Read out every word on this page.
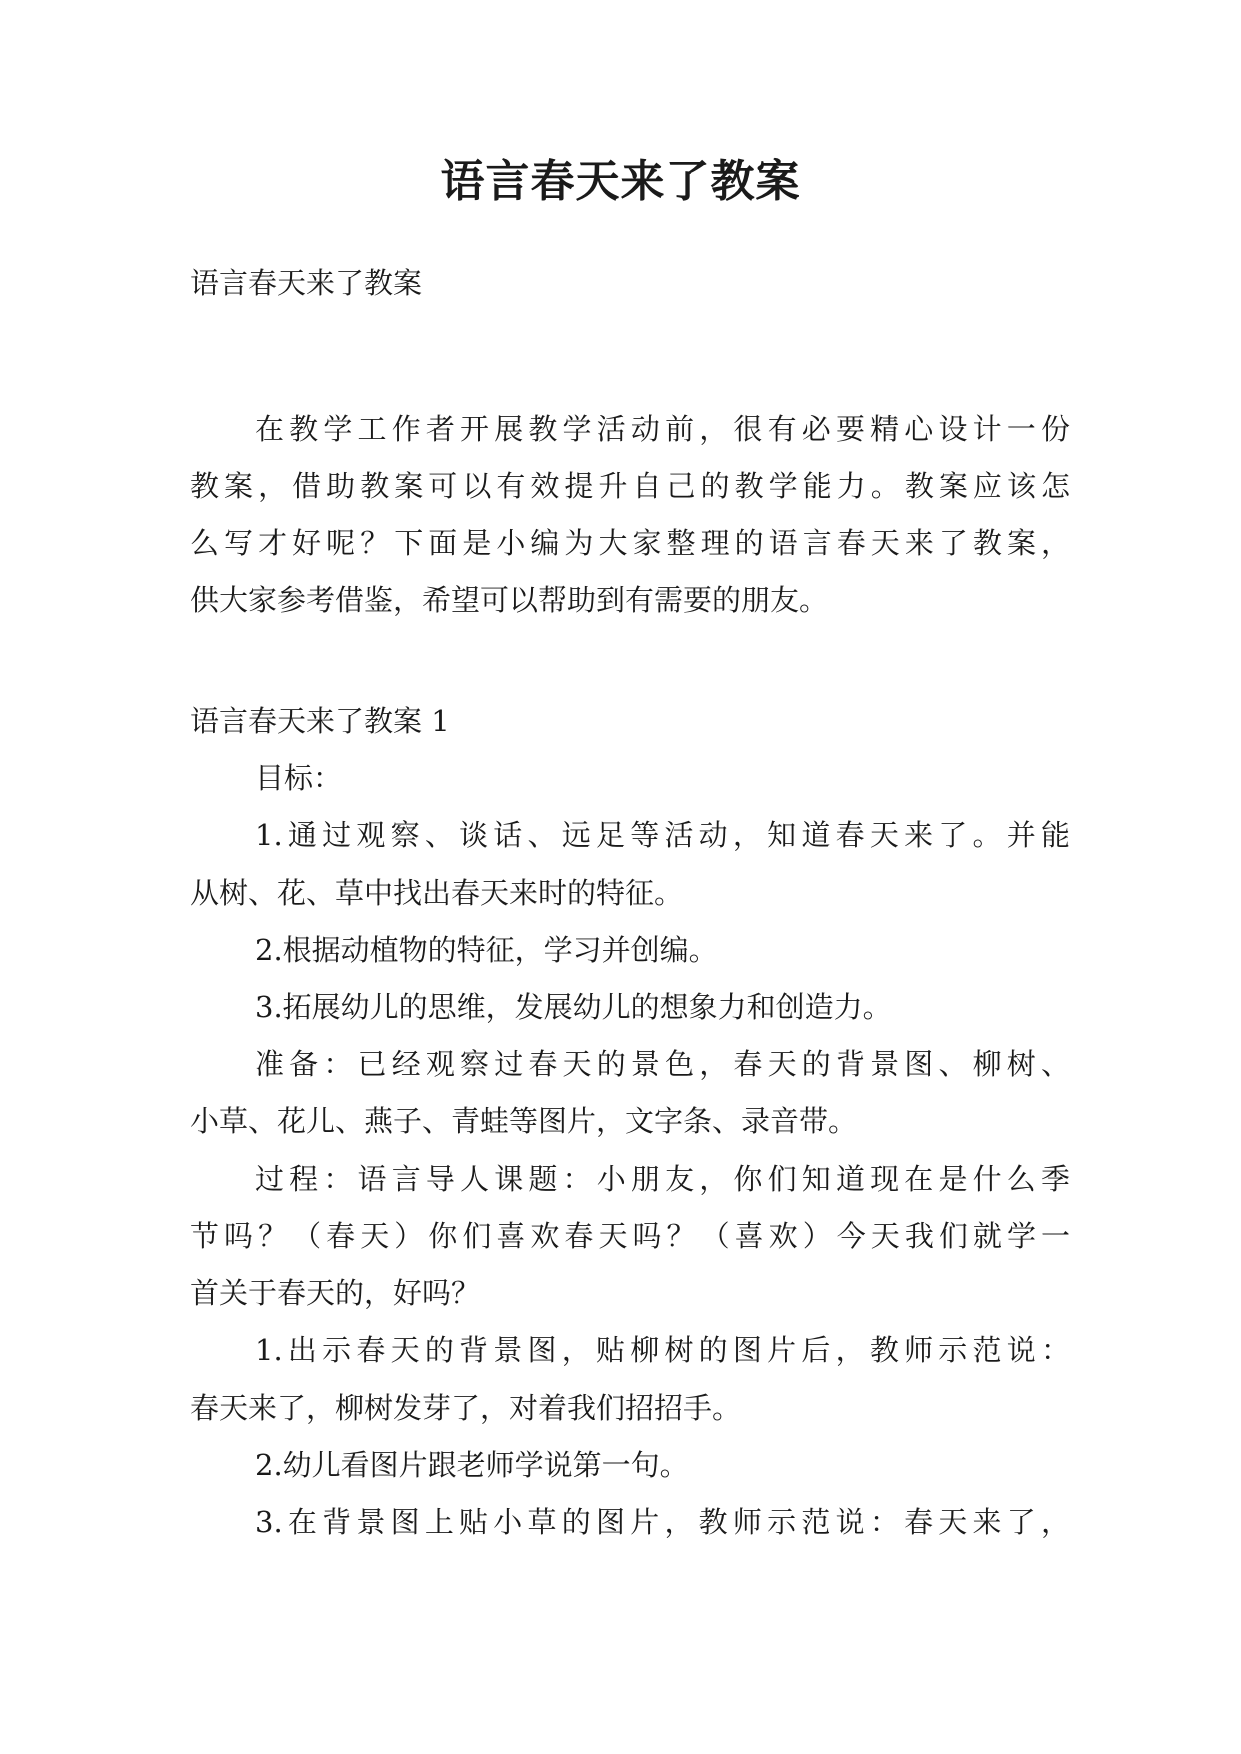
语言春天来了教案

语言春天来了教案

在教学工作者开展教学活动前，很有必要精心设计一份

教案，借助教案可以有效提升自己的教学能力。教案应该怎

么写才好呢？下面是小编为大家整理的语言春天来了教案，

供大家参考借鉴，希望可以帮助到有需要的朋友。

语言春天来了教案 1

目标：

1.通过观察、谈话、远足等活动，知道春天来了。并能

从树、花、草中找出春天来时的特征。

2.根据动植物的特征，学习并创编。

3.拓展幼儿的思维，发展幼儿的想象力和创造力。

准备：已经观察过春天的景色，春天的背景图、柳树、

小草、花儿、燕子、青蛙等图片，文字条、录音带。

过程：语言导人课题：小朋友，你们知道现在是什么季

节吗？（春天）你们喜欢春天吗？（喜欢）今天我们就学一

首关于春天的，好吗？

1.出示春天的背景图，贴柳树的图片后，教师示范说：

春天来了，柳树发芽了，对着我们招招手。

2.幼儿看图片跟老师学说第一句。

3.在背景图上贴小草的图片，教师示范说：春天来了，
